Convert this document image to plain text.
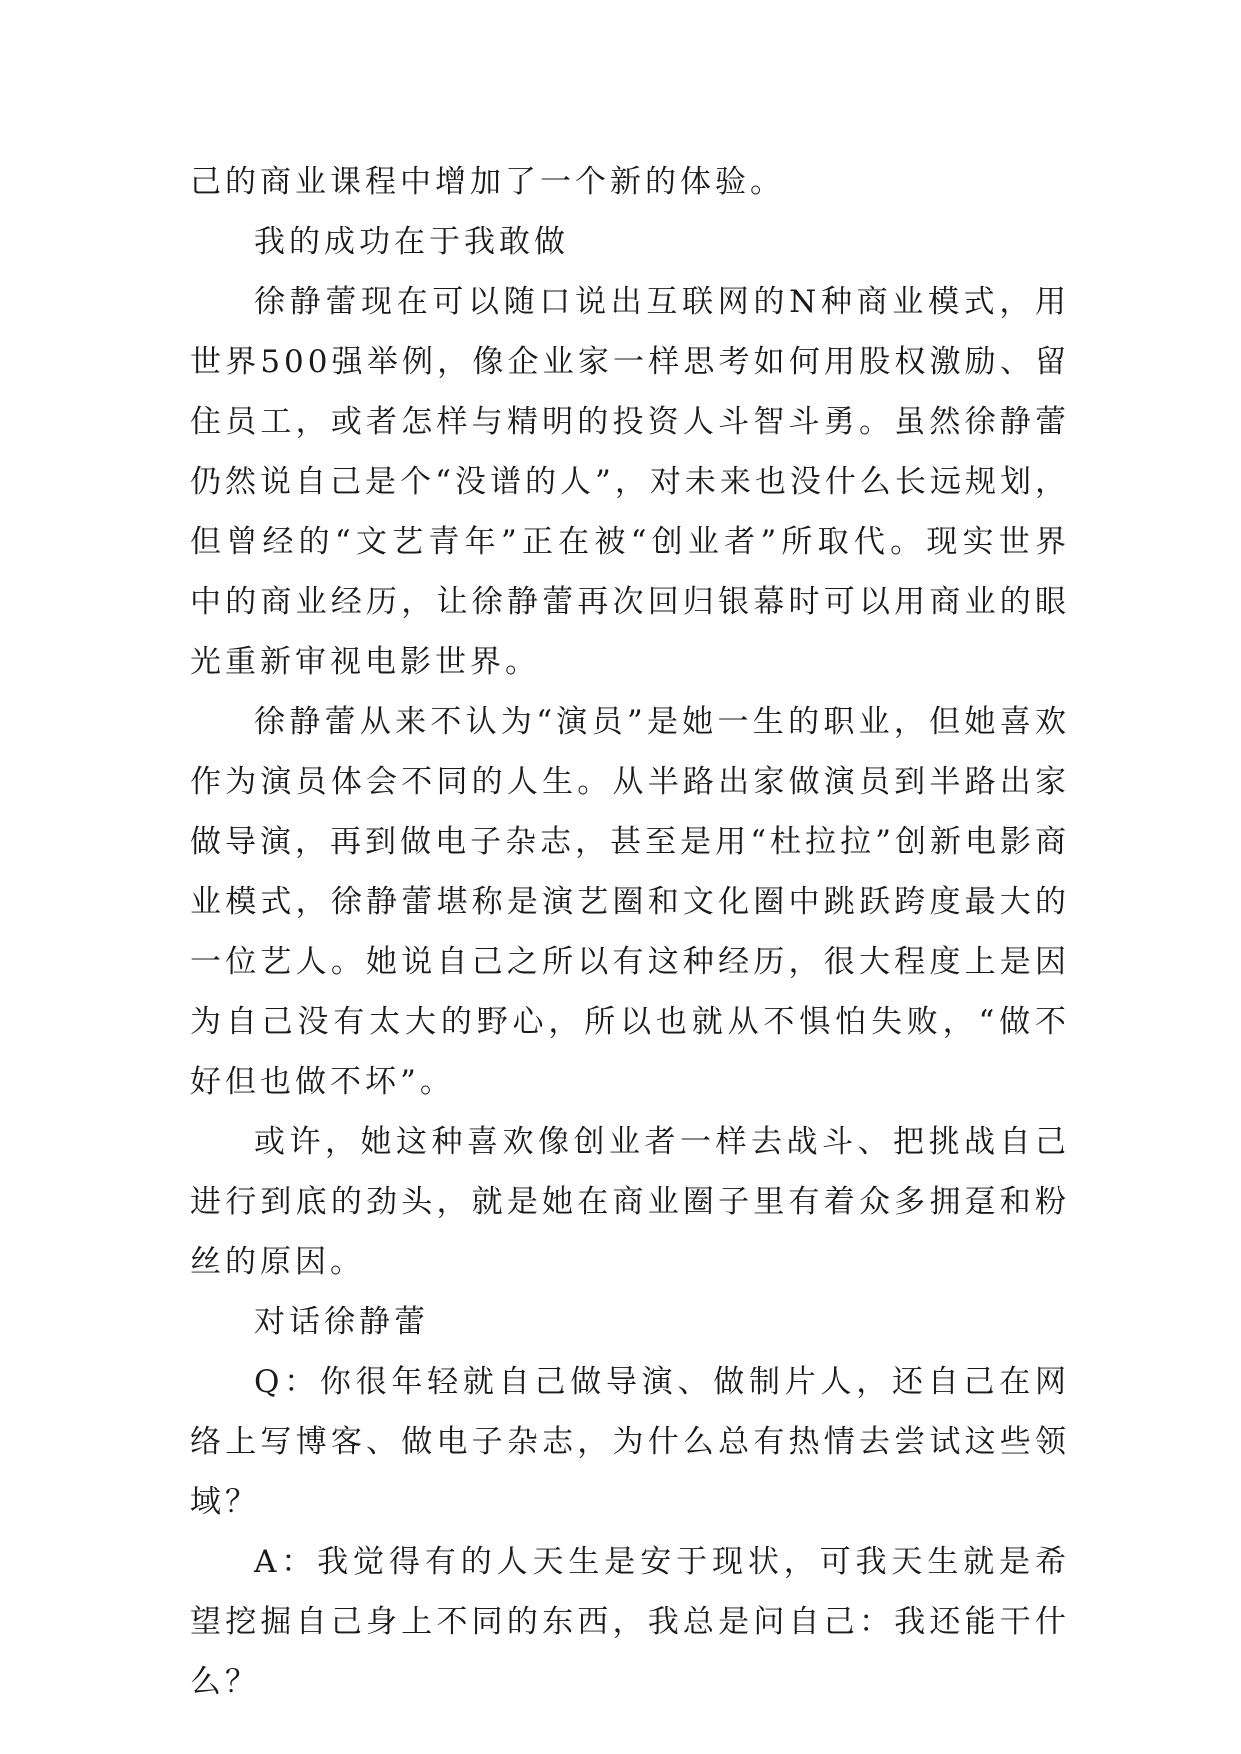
己的商业课程中增加了一个新的体验。

我的成功在于我敢做

徐静蕾现在可以随口说出互联网的N种商业模式，用世界500强举例，像企业家一样思考如何用股权激励、留住员工，或者怎样与精明的投资人斗智斗勇。虽然徐静蕾仍然说自己是个“没谱的人”，对未来也没什么长远规划，但曾经的“文艺青年”正在被“创业者”所取代。现实世界中的商业经历，让徐静蕾再次回归银幕时可以用商业的眼光重新审视电影世界。

徐静蕾从来不认为“演员”是她一生的职业，但她喜欢作为演员体会不同的人生。从半路出家做演员到半路出家做导演，再到做电子杂志，甚至是用“杜拉拉”创新电影商业模式，徐静蕾堪称是演艺圈和文化圈中跳跃跨度最大的一位艺人。她说自己之所以有这种经历，很大程度上是因为自己没有太大的野心，所以也就从不惧怕失败，“做不好但也做不坏”。

或许，她这种喜欢像创业者一样去战斗、把挑战自己进行到底的劲头，就是她在商业圈子里有着众多拥趸和粉丝的原因。

对话徐静蕾

Q：你很年轻就自己做导演、做制片人，还自己在网络上写博客、做电子杂志，为什么总有热情去尝试这些领域？

A：我觉得有的人天生是安于现状，可我天生就是希望挖掘自己身上不同的东西，我总是问自己：我还能干什么？
